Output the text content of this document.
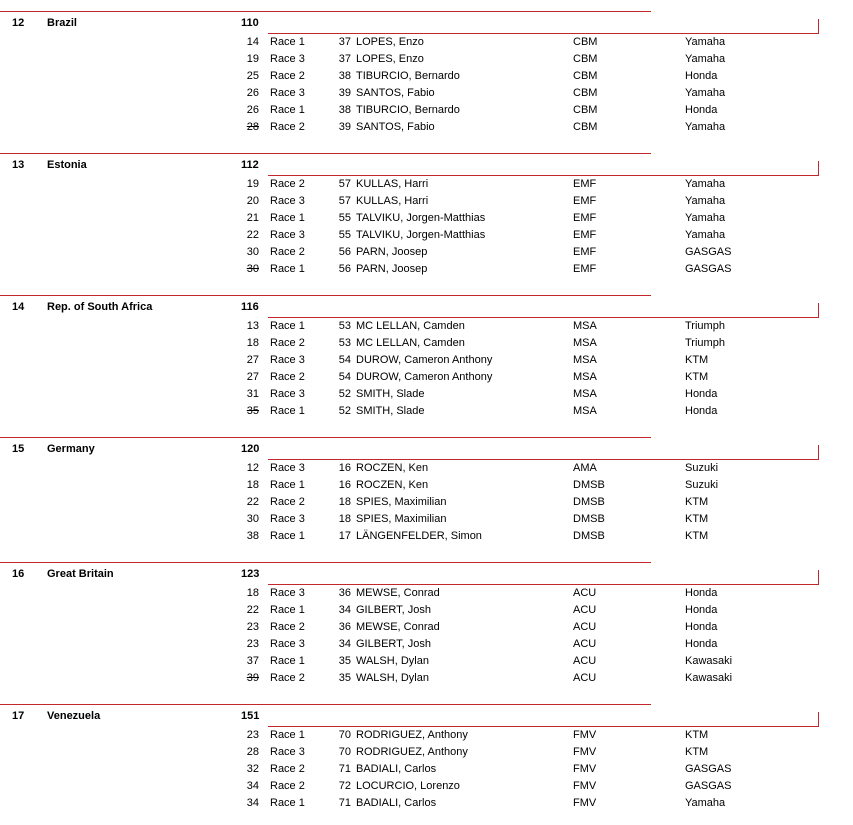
12 Brazil	110
14 Race 1	37 LOPES, Enzo	CBM	Yamaha
19 Race 3	37 LOPES, Enzo	CBM	Yamaha
25 Race 2	38 TIBURCIO, Bernardo	CBM	Honda
26 Race 3	39 SANTOS, Fabio	CBM	Yamaha
26 Race 1	38 TIBURCIO, Bernardo	CBM	Honda
28 Race 2	39 SANTOS, Fabio	CBM	Yamaha
13 Estonia	112
19 Race 2	57 KULLAS, Harri	EMF	Yamaha
20 Race 3	57 KULLAS, Harri	EMF	Yamaha
21 Race 1	55 TALVIKU, Jorgen-Matthias	EMF	Yamaha
22 Race 3	55 TALVIKU, Jorgen-Matthias	EMF	Yamaha
30 Race 2	56 PARN, Joosep	EMF	GASGAS
30 Race 1	56 PARN, Joosep	EMF	GASGAS
14 Rep. of South Africa	116
13 Race 1	53 MC LELLAN, Camden	MSA	Triumph
18 Race 2	53 MC LELLAN, Camden	MSA	Triumph
27 Race 3	54 DUROW, Cameron Anthony	MSA	KTM
27 Race 2	54 DUROW, Cameron Anthony	MSA	KTM
31 Race 3	52 SMITH, Slade	MSA	Honda
35 Race 1	52 SMITH, Slade	MSA	Honda
15 Germany	120
12 Race 3	16 ROCZEN, Ken	AMA	Suzuki
18 Race 1	16 ROCZEN, Ken	DMSB	Suzuki
22 Race 2	18 SPIES, Maximilian	DMSB	KTM
30 Race 3	18 SPIES, Maximilian	DMSB	KTM
38 Race 1	17 LÄNGENFELDER, Simon	DMSB	KTM
16 Great Britain	123
18 Race 3	36 MEWSE, Conrad	ACU	Honda
22 Race 1	34 GILBERT, Josh	ACU	Honda
23 Race 2	36 MEWSE, Conrad	ACU	Honda
23 Race 3	34 GILBERT, Josh	ACU	Honda
37 Race 1	35 WALSH, Dylan	ACU	Kawasaki
39 Race 2	35 WALSH, Dylan	ACU	Kawasaki
17 Venezuela	151
23 Race 1	70 RODRIGUEZ, Anthony	FMV	KTM
28 Race 3	70 RODRIGUEZ, Anthony	FMV	KTM
32 Race 2	71 BADIALI, Carlos	FMV	GASGAS
34 Race 2	72 LOCURCIO, Lorenzo	FMV	GASGAS
34 Race 1	71 BADIALI, Carlos	FMV	Yamaha
